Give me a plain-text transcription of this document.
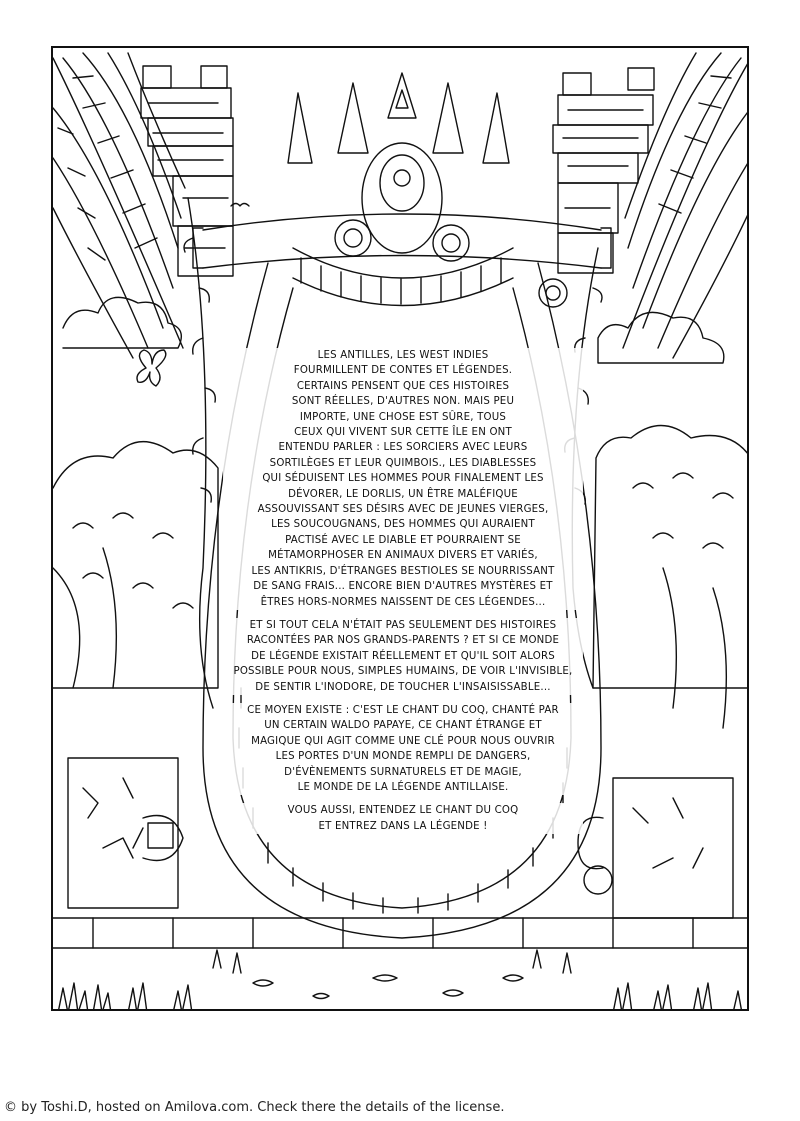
LES ANTILLES, LES WEST INDIES
FOURMILLENT DE CONTES ET LÉGENDES.
CERTAINS PENSENT QUE CES HISTOIRES
SONT RÉELLES, D'AUTRES NON. MAIS PEU
IMPORTE, UNE CHOSE EST SÛRE, TOUS
CEUX QUI VIVENT SUR CETTE ÎLE EN ONT
ENTENDU PARLER : LES SORCIERS AVEC LEURS
SORTILÈGES ET LEUR QUIMBOIS., LES DIABLESSES
QUI SÉDUISENT LES HOMMES POUR FINALEMENT LES
DÉVORER, LE DORLIS, UN ÊTRE MALÉFIQUE
ASSOUVISSANT SES DÉSIRS AVEC DE JEUNES VIERGES,
LES SOUCOUGNANS, DES HOMMES QUI AURAIENT
PACTISÉ AVEC LE DIABLE ET POURRAIENT SE
MÉTAMORPHOSER EN ANIMAUX DIVERS ET VARIÉS,
LES ANTIKRIS, D'ÉTRANGES BESTIOLES SE NOURRISSANT
DE SANG FRAIS... ENCORE BIEN D'AUTRES MYSTÈRES ET
ÊTRES HORS-NORMES NAISSENT DE CES LÉGENDES...

ET SI TOUT CELA N'ÉTAIT PAS SEULEMENT DES HISTOIRES
RACONTÉES PAR NOS GRANDS-PARENTS ? ET SI CE MONDE
DE LÉGENDE EXISTAIT RÉELLEMENT ET QU'IL SOIT ALORS
POSSIBLE POUR NOUS, SIMPLES HUMAINS, DE VOIR L'INVISIBLE,
DE SENTIR L'INODORE, DE TOUCHER L'INSAISISSABLE...

CE MOYEN EXISTE : C'EST LE CHANT DU COQ, CHANTÉ PAR
UN CERTAIN WALDO PAPAYE, CE CHANT ÉTRANGE ET
MAGIQUE QUI AGIT COMME UNE CLÉ POUR NOUS OUVRIR
LES PORTES D'UN MONDE REMPLI DE DANGERS,
D'ÉVÈNEMENTS SURNATURELS ET DE MAGIE,
LE MONDE DE LA LÉGENDE ANTILLAISE.

VOUS AUSSI, ENTENDEZ LE CHANT DU COQ
ET ENTREZ DANS LA LÉGENDE !

© by Toshi.D, hosted on Amilova.com. Check there the details of the license.
